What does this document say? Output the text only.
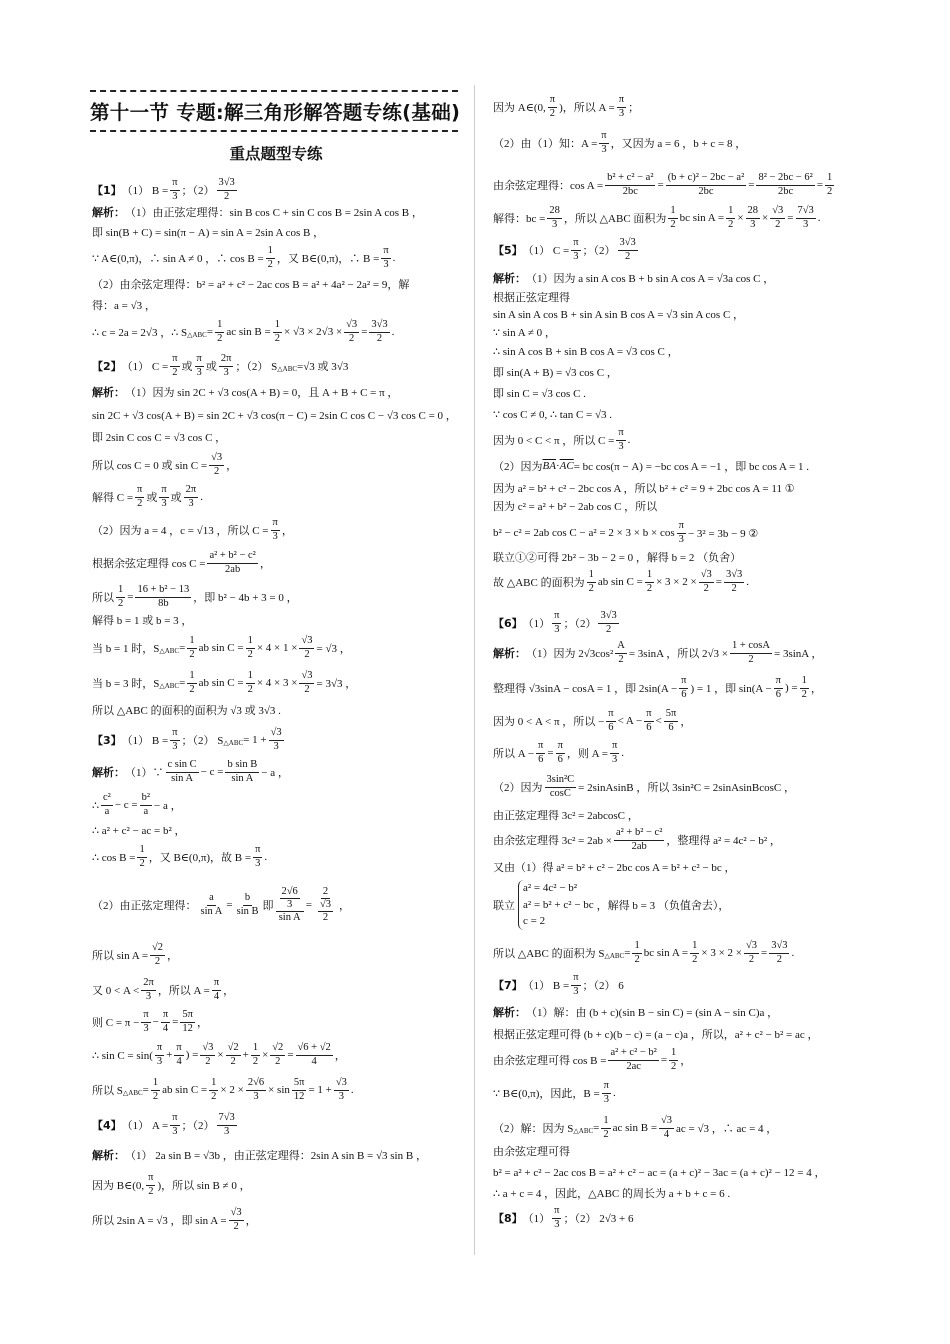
第十一节 专题:解三角形解答题专练(基础)
重点题型专练
【1】 （1） $B = \frac{\pi}{3}$ ；$(2) \frac{3√3}{2}$
解析： （1）由正弦定理得：sin B cos C + sin C cos B = 2sin A cos B ，
即 sin(B + C) = sin(π − A) = sin A = 2sin A cos B ，
∵ A∈(0,π)，∴ sin A ≠ 0 ，∴ $\cos B = \frac{1}{2}$ ，又 B∈(0,π)，∴ $B = \frac{\pi}{3}$ .
（2）由余弦定理得：b² = a² + c² − 2ac cos B = a² + 4a² − 2a² = 9，解
得：a = √3 ，
∴ c = 2a = 2√3 ，∴ S △ABC = $\frac{1}{2}$ ac $\sin B = \frac{1}{2} \times √3 \times 2√3 \times \frac{√3}{2} = \frac{3√3}{2}$ .
【2】 （1） $C = \frac{\pi}{2}$ 或 $\frac{\pi}{3}$ 或 $\frac{2\pi}{3}$ ；（2） S △ABC =√3 或 3√3
解析： （1）因为 sin 2C + √3 cos(A + B) = 0，且 A + B + C = π ，
sin 2C + √3 cos(A + B) = sin 2C + √3 cos(π − C) = 2sin C cos C − √3 cos C = 0 ，
即 2sin C cos C = √3 cos C ，
所以 cos C = 0 或 $\sin C = \frac{√3}{2}$ ，
解得 $C = \frac{\pi}{2}$ 或 $\frac{\pi}{3}$ 或 $\frac{2\pi}{3}$ .
（2）因为 a = 4 ，c = √13 ，所以 $C = \frac{\pi}{3}$ ，
根据余弦定理得 $\cos C = \frac{\text{a² + b² − c²}}{2ab}$ ，
所以 $\frac{1}{2} = \frac{\text{16 + b² − 13}}{8b}$ ，即 b² − 4b + 3 = 0 ，
解得 b = 1 或 b = 3 ，
当 b = 1 时，S △ABC = $\frac{1}{2}$ ab $\sin C = \frac{1}{2} \times 4 \times 1 \times \frac{√3}{2} = √3$ ，
当 b = 3 时，S △ABC = $\frac{1}{2}$ ab $\sin C = \frac{1}{2} \times 4 \times 3 \times \frac{√3}{2} = 3√3$ ，
所以 △ABC 的面积的面积为 √3 或 3√3 .
【3】 （1） $B = \frac{\pi}{3}$ ；（2） S △ABC = $1 + \frac{√3}{3}$
解析： （1）∵ $\frac{\text{c sin C}}{\text{sin A}} - c = \frac{\text{b sin B}}{\text{sin A}} - a$ ，
∴ $\frac{\text{c²}}{a} - c = \frac{\text{b²}}{a} - a$ ，
∴ a² + c² − ac = b² ，
∴ $\cos B = \frac{1}{2}$ ，又 B∈(0,π)，故 $B = \frac{\pi}{3}$ .
（2）由正弦定理得： $\frac{a}{\text{sin A}} = \frac{b}{\text{sin B}}$ 即 $\frac{\frac{2√6}{3}}{\text{sin A}} = \frac{2}{\frac{√3}{2}}$ ，
所以 $\sin A = \frac{√2}{2}$ ，
又 $0 < A < \frac{2\pi}{3}$ ，所以 $A = \frac{\pi}{4}$ ，
则 $C = \pi - \frac{\pi}{3} - \frac{\pi}{4} = \frac{5\pi}{12}$ ，
∴ $\sin C = \sin( \frac{\pi}{3} + \frac{\pi}{4}$ ) = $\frac{√3}{2} \times \frac{√2}{2} + \frac{1}{2} \times \frac{√2}{2} = \frac{√6 + √2}{4}$ ，
所以 S △ABC = $\frac{1}{2}$ ab $\sin C = \frac{1}{2} \times 2 \times \frac{2√6}{3} \times \sin \frac{5\pi}{12} = 1 + \frac{√3}{3}$ .
【4】 （1） $A = \frac{\pi}{3}$ ；$(2) \frac{7√3}{3}$
解析： （1） 2a sin B = √3b ，由正弦定理得：2sin A sin B = √3 sin B ，
因为 B∈(0, $\frac{\pi}{2}$ )，所以 sin B ≠ 0 ，
所以 2sin A = √3 ，即 $\sin A = \frac{√3}{2}$ ，
因为 A∈(0, $\frac{\pi}{2}$ )，所以 $A = \frac{\pi}{3}$ ；
（2）由（1）知：$A = \frac{\pi}{3}$ ，又因为 a = 6 ，b + c = 8 ，
由余弦定理得：$\cos A = \frac{\text{b² + c² − a²}}{2bc} = \frac{\text{(b + c)² − 2bc − a²}}{2bc} = \frac{\text{8² − 2bc − 6²}}{2bc} = \frac{1}{2}$
解得：bc = $\frac{28}{3}$ ，所以 △ABC 面积为 $\frac{1}{2}$ bc $\sin A = \frac{1}{2} \times \frac{28}{3} \times \frac{√3}{2} = \frac{7√3}{3}$ .
【5】 （1） $C = \frac{\pi}{3}$ ；$(2) \frac{3√3}{2}$
解析： （1）因为 a sin A cos B + b sin A cos A = √3a cos C ，
根据正弦定理得
sin A sin A cos B + sin A sin B cos A = √3 sin A cos C ，
∵ sin A ≠ 0 ，
∴ sin A cos B + sin B cos A = √3 cos C ，
即 sin(A + B) = √3 cos C ，
即 sin C = √3 cos C .
∵ cos C ≠ 0, ∴ tan C = √3 .
因为 0 < C < π ，所以 $C = \frac{\pi}{3}$ .
（2）因为 $\overline{BA} \cdot \overline{AC}$ = bc cos(π − A) = −bc cos A = −1 ，即 bc cos A = 1 .
因为 a² = b² + c² − 2bc cos A ，所以 b² + c² = 9 + 2bc cos A = 11 ①
因为 c² = a² + b² − 2ab cos C ，所以
b² − c² = 2ab $\cos C - a^2 = 2 \times 3 \times b \times \cos \frac{\pi}{3} - 3^2 = 3b - 9$ ②
联立①②可得 2b² − 3b − 2 = 0 ，解得 b = 2 （负舍）
故 △ABC 的面积为 $\frac{1}{2}$ ab $\sin C = \frac{1}{2} \times 3 \times 2 \times \frac{√3}{2} = \frac{3√3}{2}$ .
【6】 $(1) \frac{\pi}{3}$ ；$(2) \frac{3√3}{2}$
解析： （1）因为 $2√3\cos^2 \frac{A}{2} = 3\sin A$ ，所以 $2√3 \times \frac{1 + \cos A}{2} = 3\sin A$ ，
整理得 √3sinA − cosA = 1 ，即 $2\sin(A - \frac{\pi}{6}$ ) = 1 ，即 $\sin(A - \frac{\pi}{6}$ ) = $\frac{1}{2}$ ，
因为 0 < A < π ，所以 − $\frac{\pi}{6} < A - \frac{\pi}{6} < \frac{5\pi}{6}$ ，
所以 $A - \frac{\pi}{6} = \frac{\pi}{6}$ ，则 $A = \frac{\pi}{3}$ .
（2）因为 $\frac{\text{3sin²C}}{\cos C}$ = 2sinAsinB ，所以 3sin²C = 2sinAsinBcosC ，
由正弦定理得 3c² = 2abcosC ，
由余弦定理得 $3c^2 = 2ab \times \frac{\text{a² + b² − c²}}{2ab}$ ，整理得 a² = 4c² − b² ，
又由（1）得 a² = b² + c² − 2bc cos A = b² + c² − bc ，
联立
a² = 4c² − b²
a² = b² + c² − bc
c = 2
，解得 b = 3 （负值舍去），
所以 △ABC 的面积为 S △ABC = $\frac{1}{2}$ bc $\sin A = \frac{1}{2} \times 3 \times 2 \times \frac{√3}{2} = \frac{3√3}{2}$ .
【7】 （1） $B = \frac{\pi}{3}$ ；（2） 6
解析： （1）解：由 (b + c)(sin B − sin C) = (sin A − sin C)a ，
根据正弦定理可得 (b + c)(b − c) = (a − c)a ，所以，a² + c² − b² = ac ，
由余弦定理可得 $\cos B = \frac{\text{a² + c² − b²}}{2ac} = \frac{1}{2}$ ，
∵ B∈(0,π)，因此，$B = \frac{\pi}{3}$ .
（2）解：因为 S △ABC = $\frac{1}{2}$ ac $\sin B = \frac{√3}{4}$ ac = √3 ，∴ ac = 4 ，
由余弦定理可得
b² = a² + c² − 2ac cos B = a² + c² − ac = (a + c)² − 3ac = (a + c)² − 12 = 4 ，
∴ a + c = 4 ，因此，△ABC 的周长为 a + b + c = 6 .
【8】 $(1) \frac{\pi}{3}$ ；（2） 2√3 + 6
